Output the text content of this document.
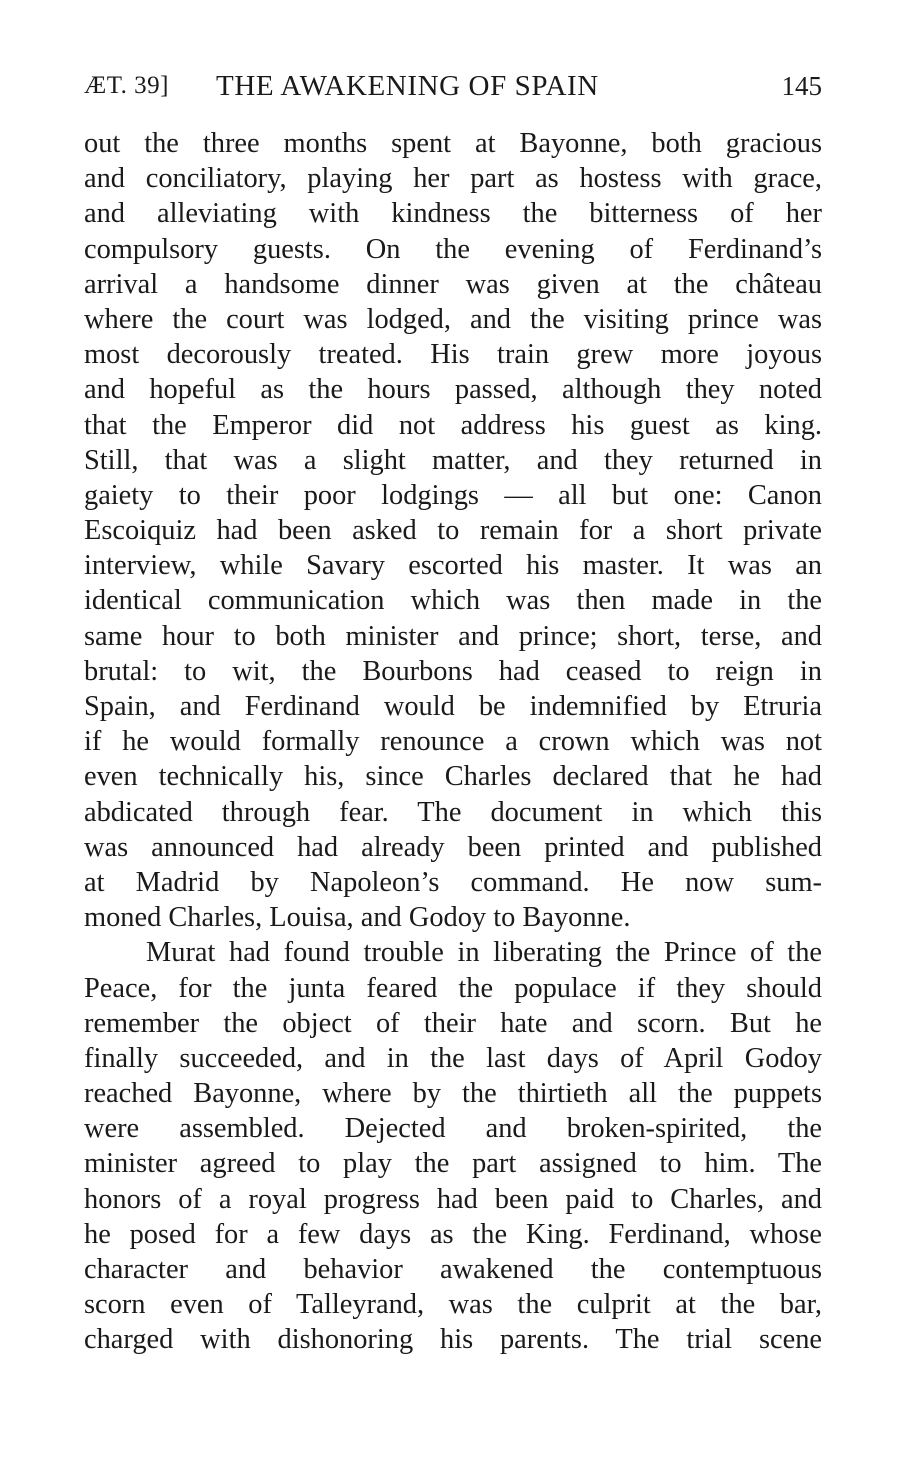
ÆT. 39] THE AWAKENING OF SPAIN	145
out the three months spent at Bayonne, both gracious
and conciliatory, playing her part as hostess with grace,
and alleviating with kindness the bitterness of her
compulsory guests. On the evening of Ferdinand’s
arrival a handsome dinner was given at the château
where the court was lodged, and the visiting prince was
most decorously treated. His train grew more joyous
and hopeful as the hours passed, although they noted
that the Emperor did not address his guest as king.
Still, that was a slight matter, and they returned in
gaiety to their poor lodgings — all but one: Canon
Escoiquiz had been asked to remain for a short private
interview, while Savary escorted his master. It was an
identical communication which was then made in the
same hour to both minister and prince; short, terse, and
brutal: to wit, the Bourbons had ceased to reign in
Spain, and Ferdinand would be indemnified by Etruria
if he would formally renounce a crown which was not
even technically his, since Charles declared that he had
abdicated through fear. The document in which this
was announced had already been printed and published
at Madrid by Napoleon’s command. He now sum-
moned Charles, Louisa, and Godoy to Bayonne.
Murat had found trouble in liberating the Prince of the
Peace, for the junta feared the populace if they should
remember the object of their hate and scorn. But he
finally succeeded, and in the last days of April Godoy
reached Bayonne, where by the thirtieth all the puppets
were assembled. Dejected and broken-spirited, the
minister agreed to play the part assigned to him. The
honors of a royal progress had been paid to Charles, and
he posed for a few days as the King. Ferdinand, whose
character and behavior awakened the contemptuous
scorn even of Talleyrand, was the culprit at the bar,
charged with dishonoring his parents. The trial scene
